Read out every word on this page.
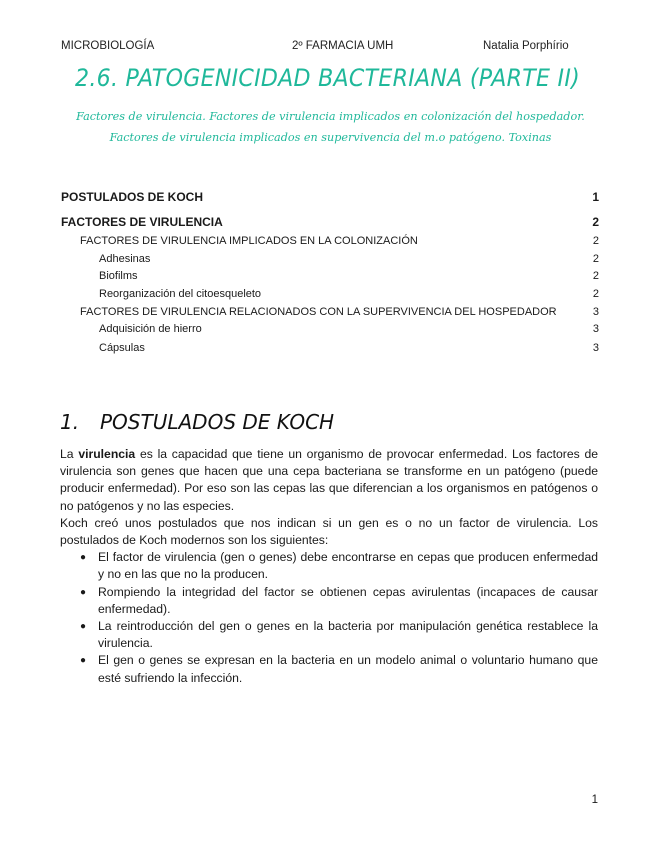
MICROBIOLOGÍA	2º FARMACIA UMH	Natalia Porphírio
2.6. PATOGENICIDAD BACTERIANA (PARTE II)
Factores de virulencia. Factores de virulencia implicados en colonización del hospedador. Factores de virulencia implicados en supervivencia del m.o patógeno. Toxinas
POSTULADOS DE KOCH	1
FACTORES DE VIRULENCIA	2
FACTORES DE VIRULENCIA IMPLICADOS EN LA COLONIZACIÓN	2
Adhesinas	2
Biofilms	2
Reorganización del citoesqueleto	2
FACTORES DE VIRULENCIA RELACIONADOS CON LA SUPERVIVENCIA DEL HOSPEDADOR	3
Adquisición de hierro	3
Cápsulas	3
1. POSTULADOS DE KOCH

La virulencia es la capacidad que tiene un organismo de provocar enfermedad. Los factores de virulencia son genes que hacen que una cepa bacteriana se transforme en un patógeno (puede producir enfermedad). Por eso son las cepas las que diferencian a los organismos en patógenos o no patógenos y no las especies.

Koch creó unos postulados que nos indican si un gen es o no un factor de virulencia. Los postulados de Koch modernos son los siguientes:

● El factor de virulencia (gen o genes) debe encontrarse en cepas que producen enfermedad y no en las que no la producen.
● Rompiendo la integridad del factor se obtienen cepas avirulentas (incapaces de causar enfermedad).
● La reintroducción del gen o genes en la bacteria por manipulación genética restablece la virulencia.
● El gen o genes se expresan en la bacteria en un modelo animal o voluntario humano que esté sufriendo la infección.
1
